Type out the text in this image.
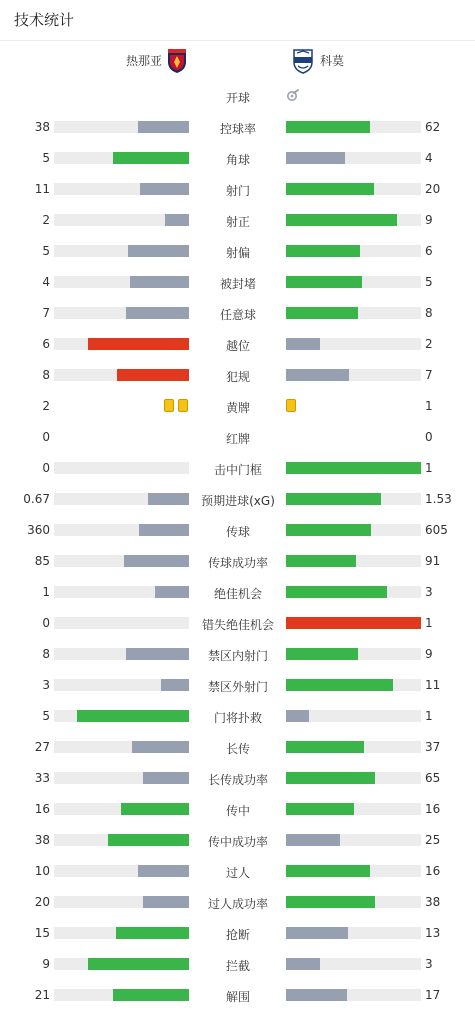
技术统计
热那亚	科莫
开球
38	控球率	62
5	角球	4
11	射门	20
2	射正	9
5	射偏	6
4	被封堵	5
7	任意球	8
6	越位	2
8	犯规	7
2	黄牌	1
0	红牌	0
0	击中门框	1
0.67	预期进球(xG)	1.53
360	传球	605
85	传球成功率	91
1	绝佳机会	3
0	错失绝佳机会	1
8	禁区内射门	9
3	禁区外射门	11
5	门将扑救	1
27	长传	37
33	长传成功率	65
16	传中	16
38	传中成功率	25
10	过人	16
20	过人成功率	38
15	抢断	13
9	拦截	3
21	解围	17
